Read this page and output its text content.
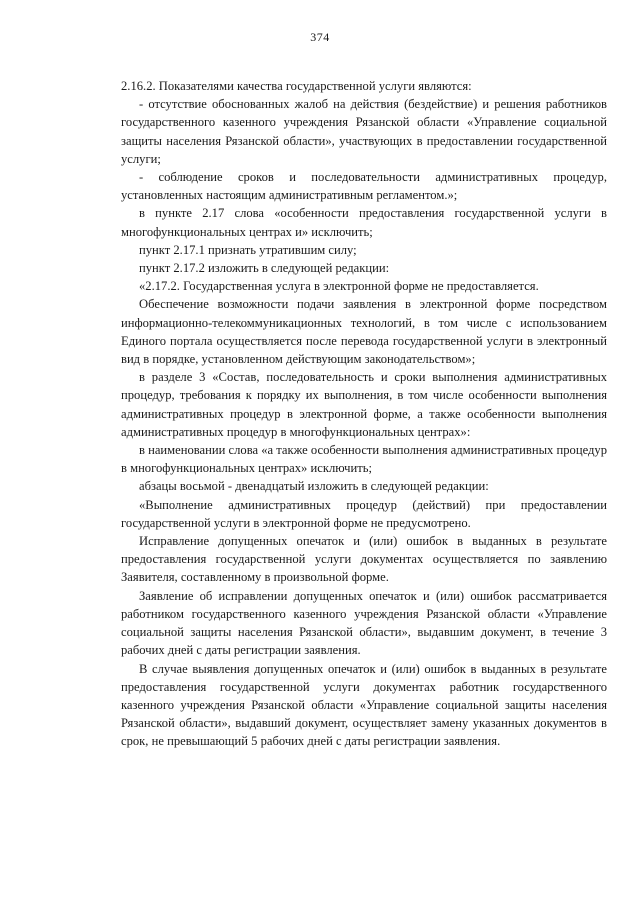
374

2.16.2. Показателями качества государственной услуги являются:

- отсутствие обоснованных жалоб на действия (бездействие) и решения работников государственного казенного учреждения Рязанской области «Управление социальной защиты населения Рязанской области», участвующих в предоставлении государственной услуги;

- соблюдение сроков и последовательности административных процедур, установленных настоящим административным регламентом.»;

в пункте 2.17 слова «особенности предоставления государственной услуги в многофункциональных центрах и» исключить;

пункт 2.17.1 признать утратившим силу;

пункт 2.17.2 изложить в следующей редакции:

«2.17.2. Государственная услуга в электронной форме не предоставляется.

Обеспечение возможности подачи заявления в электронной форме посредством информационно-телекоммуникационных технологий, в том числе с использованием Единого портала осуществляется после перевода государственной услуги в электронный вид в порядке, установленном действующим законодательством»;

в разделе 3 «Состав, последовательность и сроки выполнения административных процедур, требования к порядку их выполнения, в том числе особенности выполнения административных процедур в электронной форме, а также особенности выполнения административных процедур в многофункциональных центрах»:

в наименовании слова «а также особенности выполнения административных процедур в многофункциональных центрах» исключить;

абзацы восьмой - двенадцатый изложить в следующей редакции:

«Выполнение административных процедур (действий) при предоставлении государственной услуги в электронной форме не предусмотрено.

Исправление допущенных опечаток и (или) ошибок в выданных в результате предоставления государственной услуги документах осуществляется по заявлению Заявителя, составленному в произвольной форме.

Заявление об исправлении допущенных опечаток и (или) ошибок рассматривается работником государственного казенного учреждения Рязанской области «Управление социальной защиты населения Рязанской области», выдавшим документ, в течение 3 рабочих дней с даты регистрации заявления.

В случае выявления допущенных опечаток и (или) ошибок в выданных в результате предоставления государственной услуги документах работник государственного казенного учреждения Рязанской области «Управление социальной защиты населения Рязанской области», выдавший документ, осуществляет замену указанных документов в срок, не превышающий 5 рабочих дней с даты регистрации заявления.
